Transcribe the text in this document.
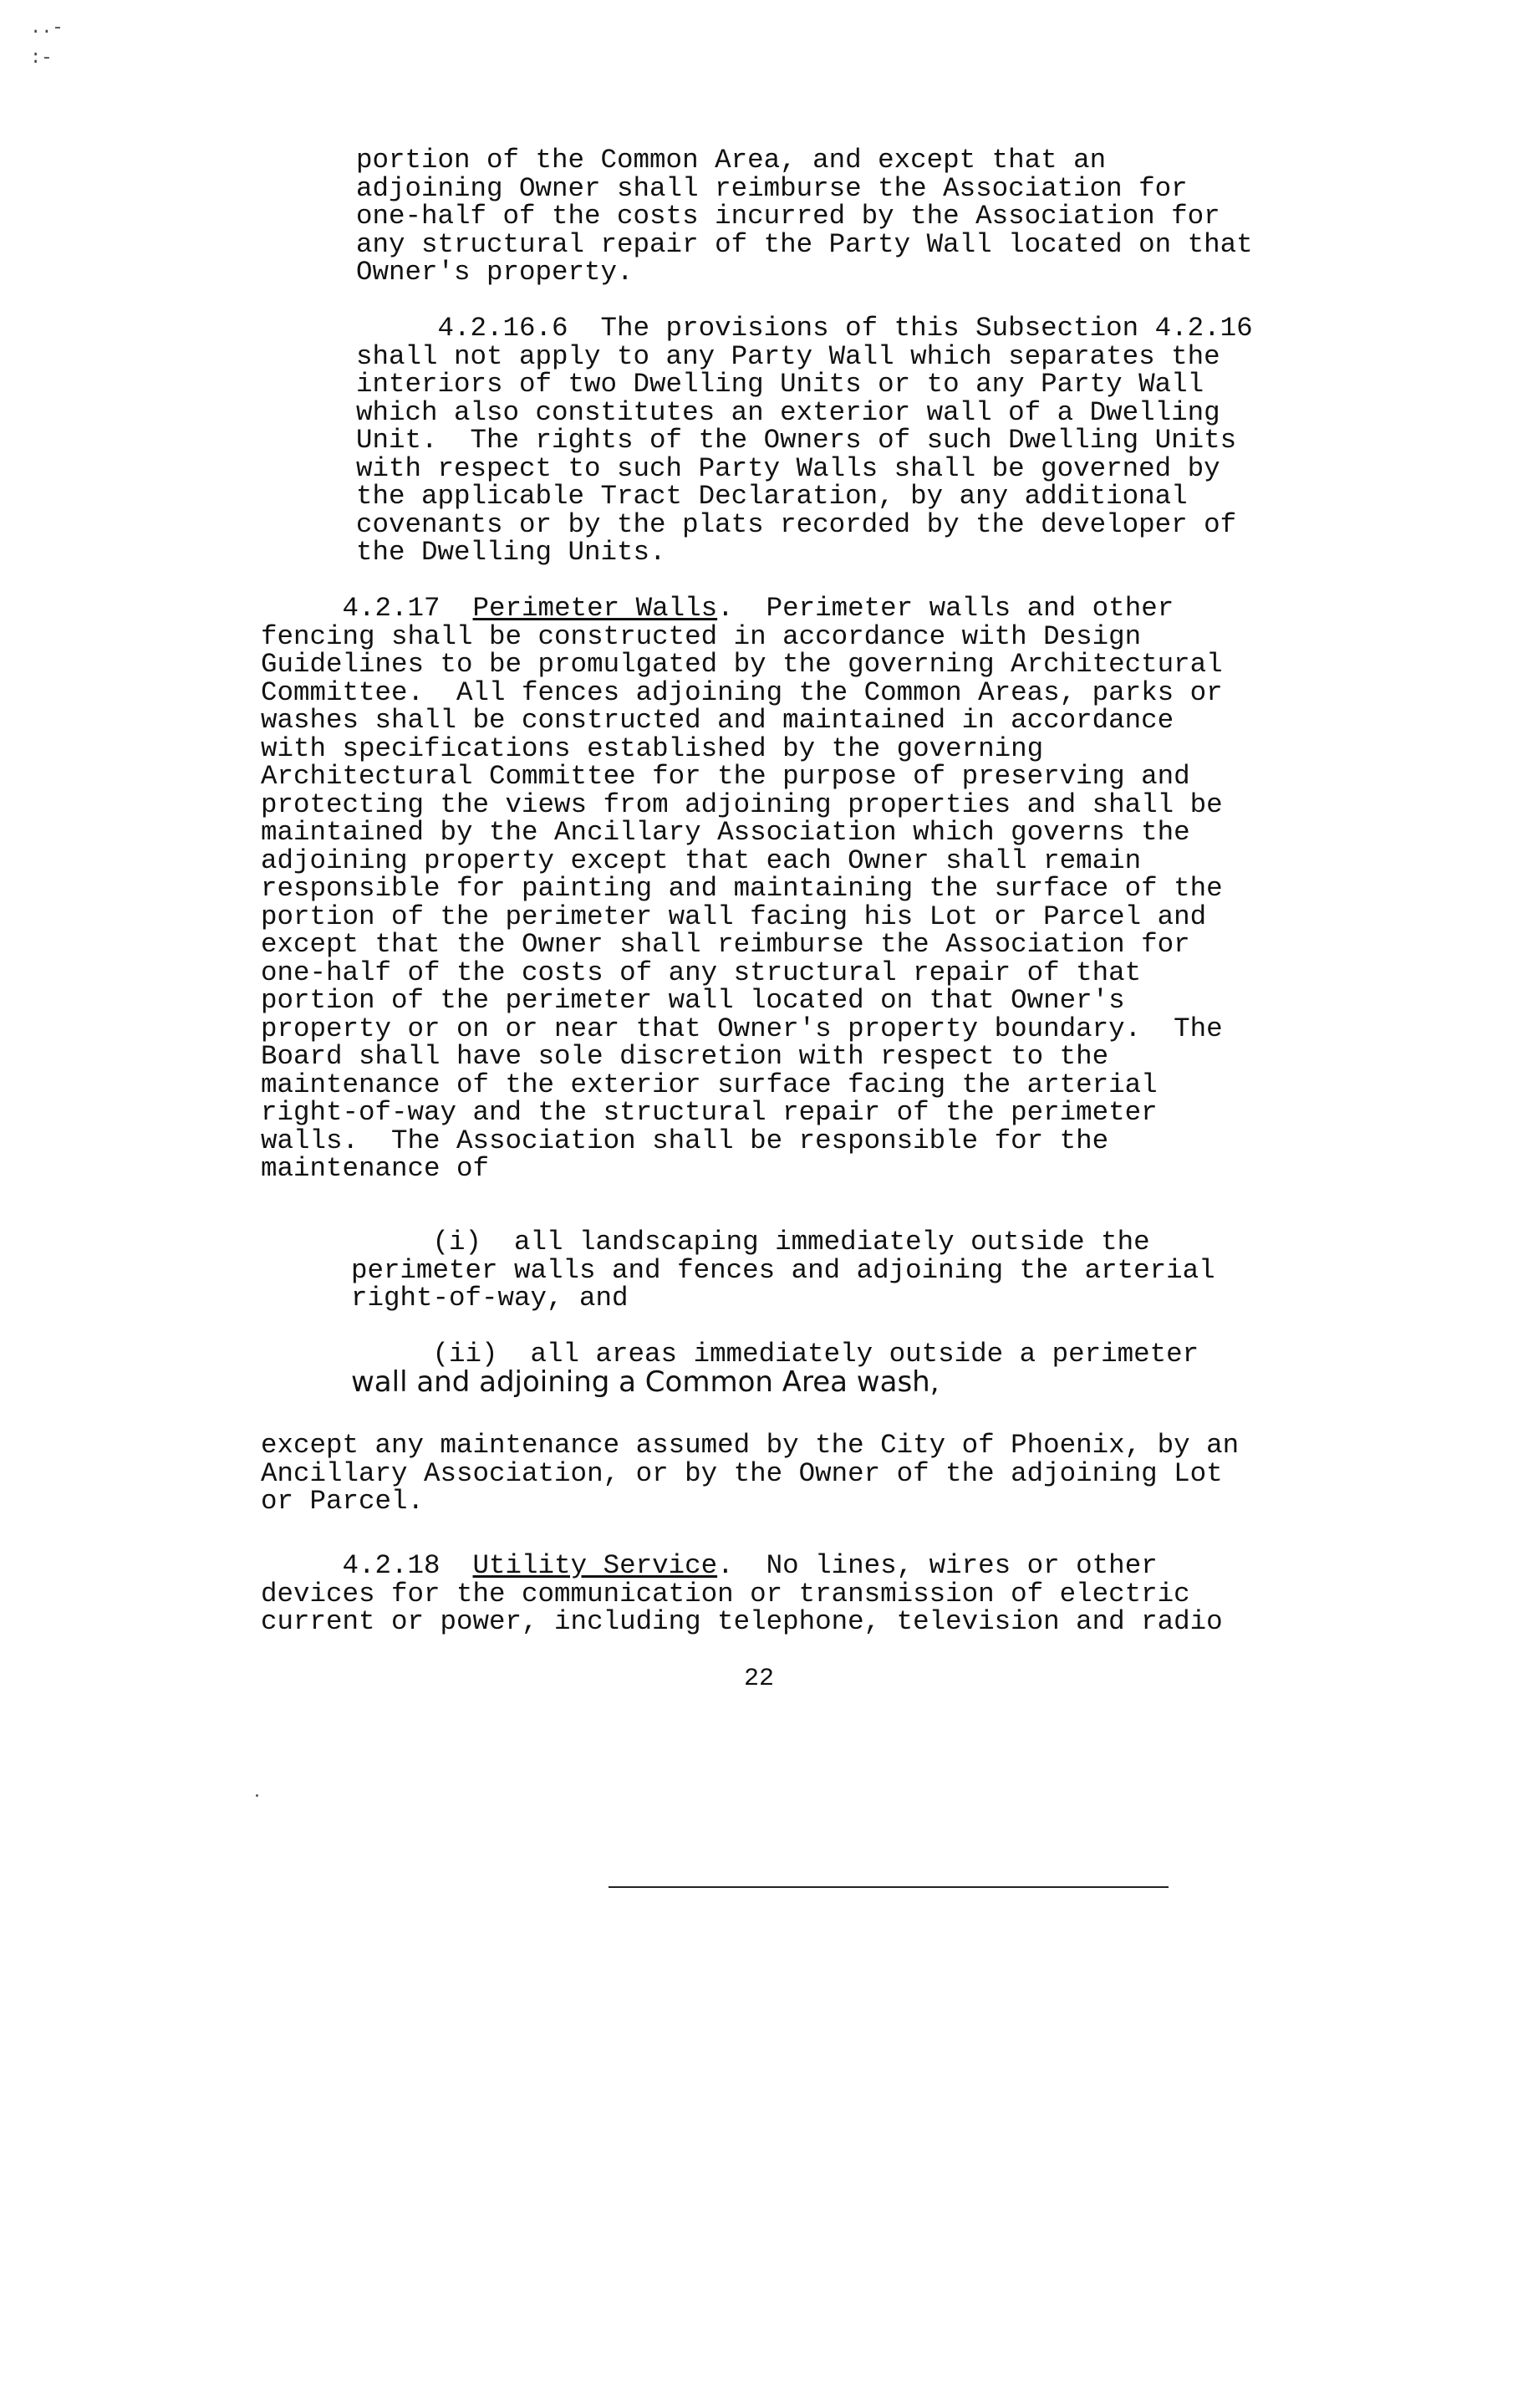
..-
:-
portion of the Common Area, and except that an
adjoining Owner shall reimburse the Association for
one-half of the costs incurred by the Association for
any structural repair of the Party Wall located on that
Owner's property.
4.2.16.6  The provisions of this Subsection 4.2.16
shall not apply to any Party Wall which separates the
interiors of two Dwelling Units or to any Party Wall
which also constitutes an exterior wall of a Dwelling
Unit.  The rights of the Owners of such Dwelling Units
with respect to such Party Walls shall be governed by
the applicable Tract Declaration, by any additional
covenants or by the plats recorded by the developer of
the Dwelling Units.
4.2.17  Perimeter Walls.  Perimeter walls and other
fencing shall be constructed in accordance with Design
Guidelines to be promulgated by the governing Architectural
Committee.  All fences adjoining the Common Areas, parks or
washes shall be constructed and maintained in accordance
with specifications established by the governing
Architectural Committee for the purpose of preserving and
protecting the views from adjoining properties and shall be
maintained by the Ancillary Association which governs the
adjoining property except that each Owner shall remain
responsible for painting and maintaining the surface of the
portion of the perimeter wall facing his Lot or Parcel and
except that the Owner shall reimburse the Association for
one-half of the costs of any structural repair of that
portion of the perimeter wall located on that Owner's
property or on or near that Owner's property boundary.  The
Board shall have sole discretion with respect to the
maintenance of the exterior surface facing the arterial
right-of-way and the structural repair of the perimeter
walls.  The Association shall be responsible for the
maintenance of
(i)  all landscaping immediately outside the
perimeter walls and fences and adjoining the arterial
right-of-way, and
(ii)  all areas immediately outside a perimeter
wall and adjoining a Common Area wash,
except any maintenance assumed by the City of Phoenix, by an
Ancillary Association, or by the Owner of the adjoining Lot
or Parcel.
4.2.18  Utility Service.  No lines, wires or other
devices for the communication or transmission of electric
current or power, including telephone, television and radio
22
